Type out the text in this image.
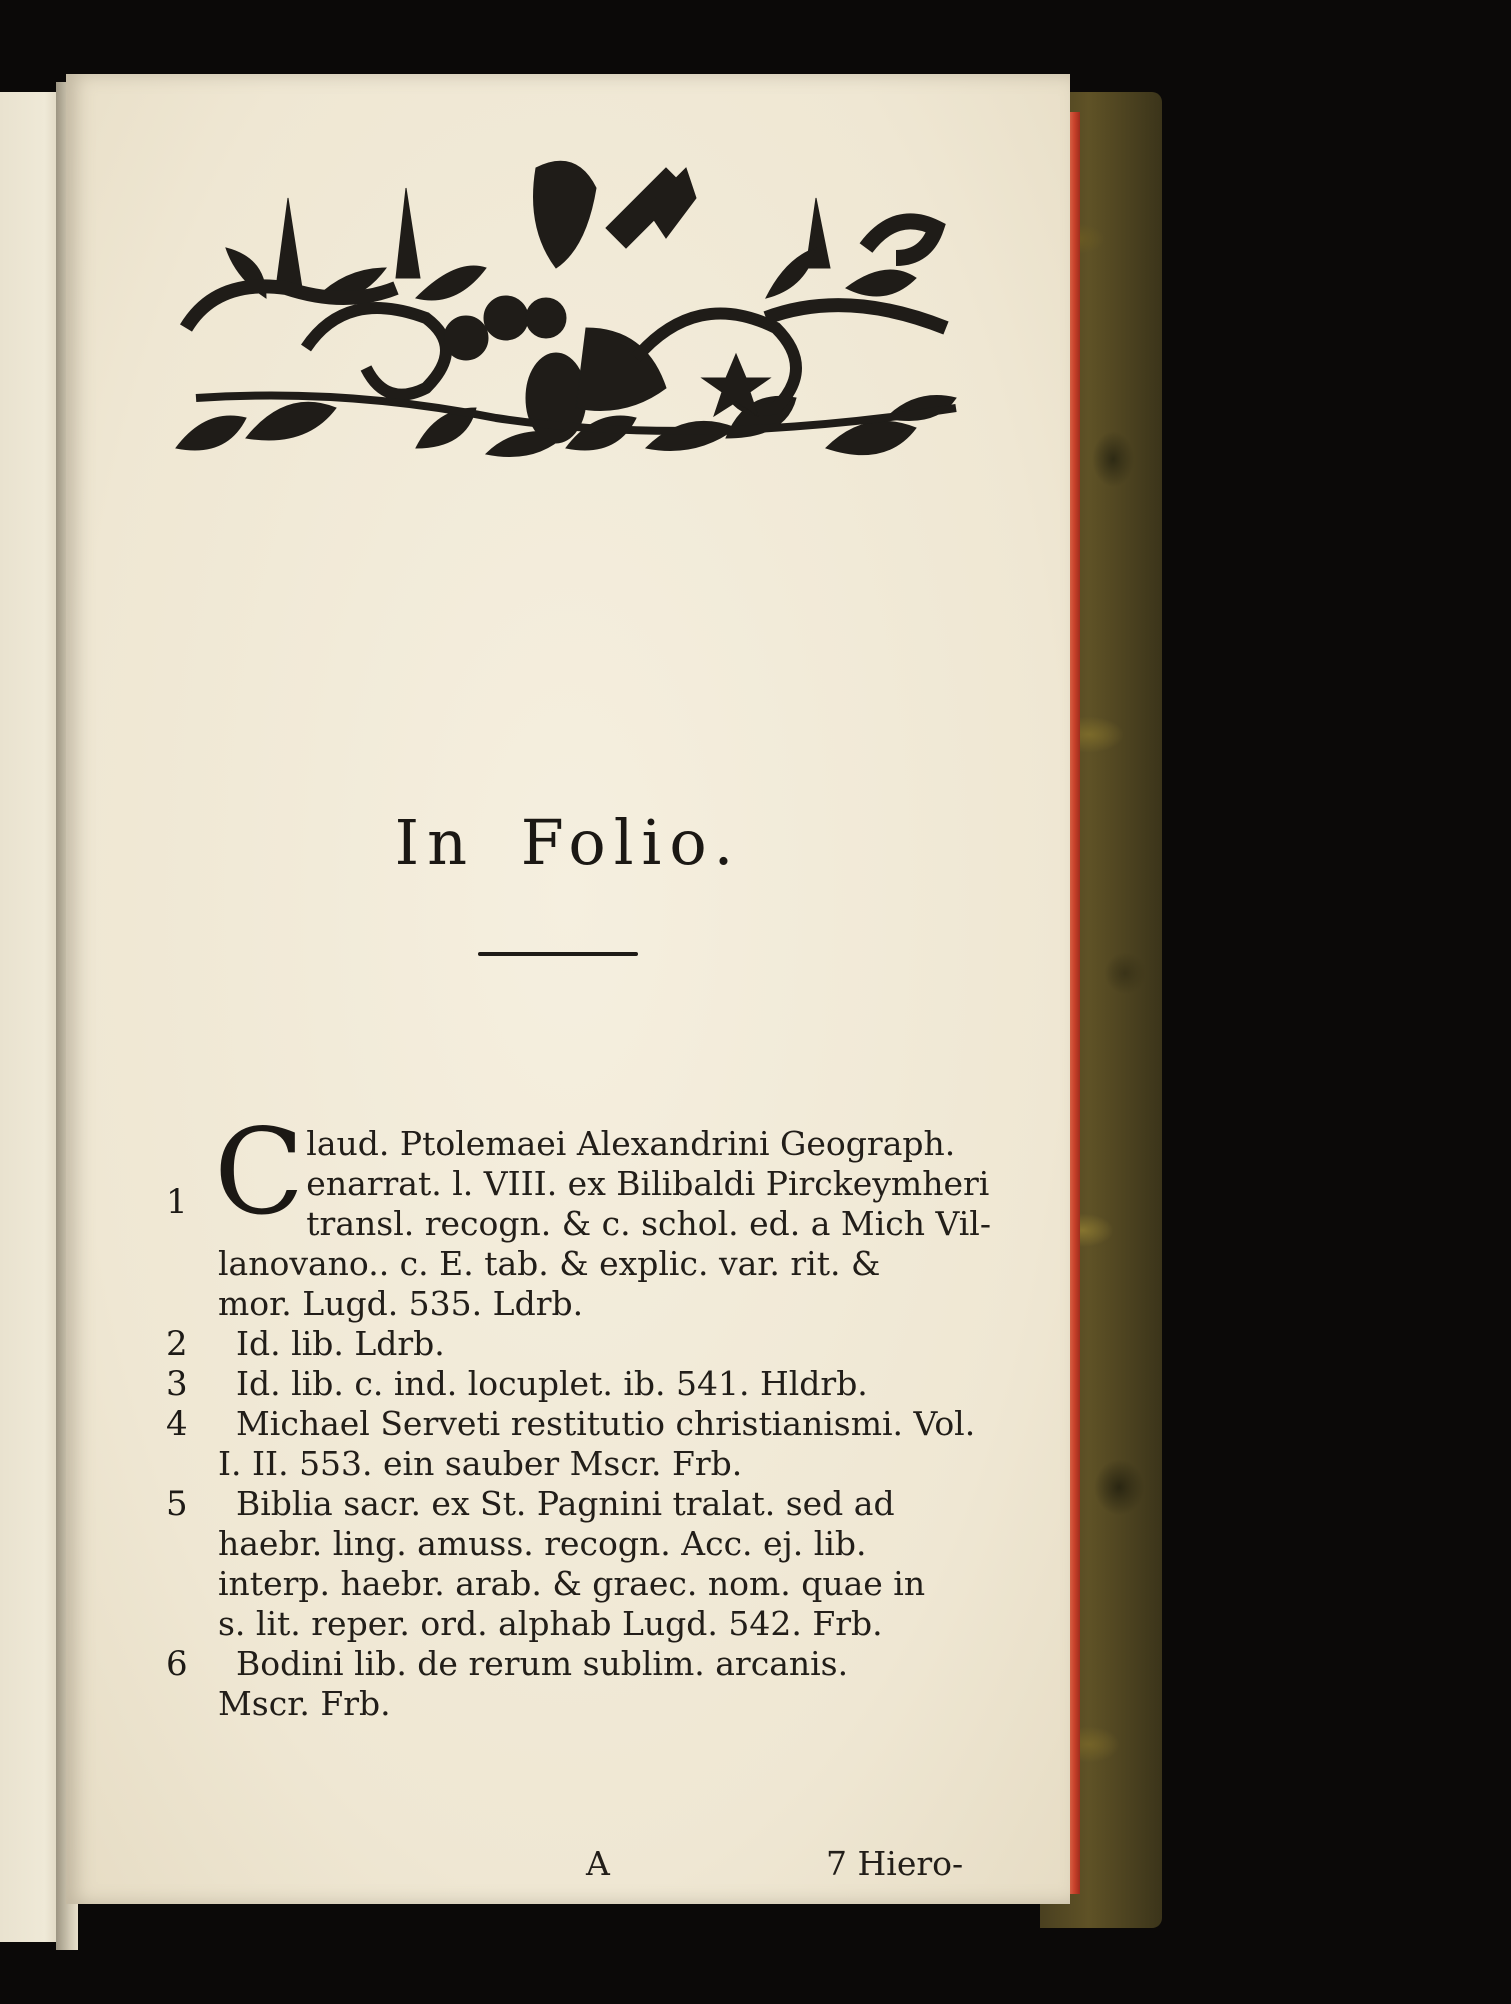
In Folio.
1 C laud. Ptolemaei Alexandrini Geograph.
enarrat. l. VIII. ex Bilibaldi Pirckeymheri
transl. recogn. & c. schol. ed. a Mich Vil-
lanovano.. c. E. tab. & explic. var. rit. &
mor. Lugd. 535. Ldrb.
2	Id. lib. Ldrb.
3	Id. lib. c. ind. locuplet. ib. 541. Hldrb.
4	Michael Serveti restitutio christianismi. Vol.
I. II. 553. ein sauber Mscr. Frb.
5	Biblia sacr. ex St. Pagnini tralat. sed ad
haebr. ling. amuss. recogn. Acc. ej. lib.
interp. haebr. arab. & graec. nom. quae in
s. lit. reper. ord. alphab Lugd. 542. Frb.
6	Bodini lib. de rerum sublim. arcanis.
Mscr. Frb.
A	7 Hiero-
